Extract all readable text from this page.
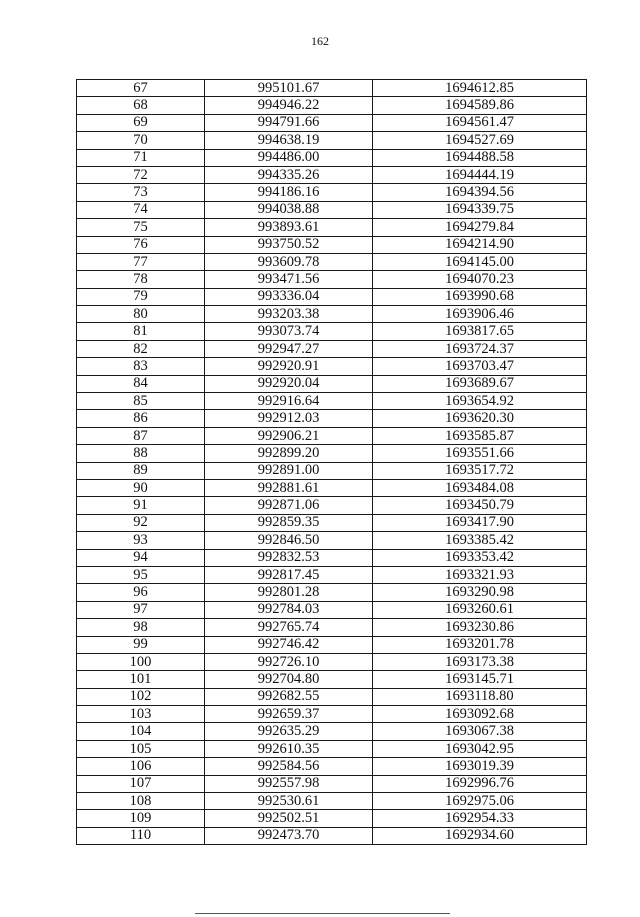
162
67	995101.67	1694612.85
68	994946.22	1694589.86
69	994791.66	1694561.47
70	994638.19	1694527.69
71	994486.00	1694488.58
72	994335.26	1694444.19
73	994186.16	1694394.56
74	994038.88	1694339.75
75	993893.61	1694279.84
76	993750.52	1694214.90
77	993609.78	1694145.00
78	993471.56	1694070.23
79	993336.04	1693990.68
80	993203.38	1693906.46
81	993073.74	1693817.65
82	992947.27	1693724.37
83	992920.91	1693703.47
84	992920.04	1693689.67
85	992916.64	1693654.92
86	992912.03	1693620.30
87	992906.21	1693585.87
88	992899.20	1693551.66
89	992891.00	1693517.72
90	992881.61	1693484.08
91	992871.06	1693450.79
92	992859.35	1693417.90
93	992846.50	1693385.42
94	992832.53	1693353.42
95	992817.45	1693321.93
96	992801.28	1693290.98
97	992784.03	1693260.61
98	992765.74	1693230.86
99	992746.42	1693201.78
100	992726.10	1693173.38
101	992704.80	1693145.71
102	992682.55	1693118.80
103	992659.37	1693092.68
104	992635.29	1693067.38
105	992610.35	1693042.95
106	992584.56	1693019.39
107	992557.98	1692996.76
108	992530.61	1692975.06
109	992502.51	1692954.33
110	992473.70	1692934.60
